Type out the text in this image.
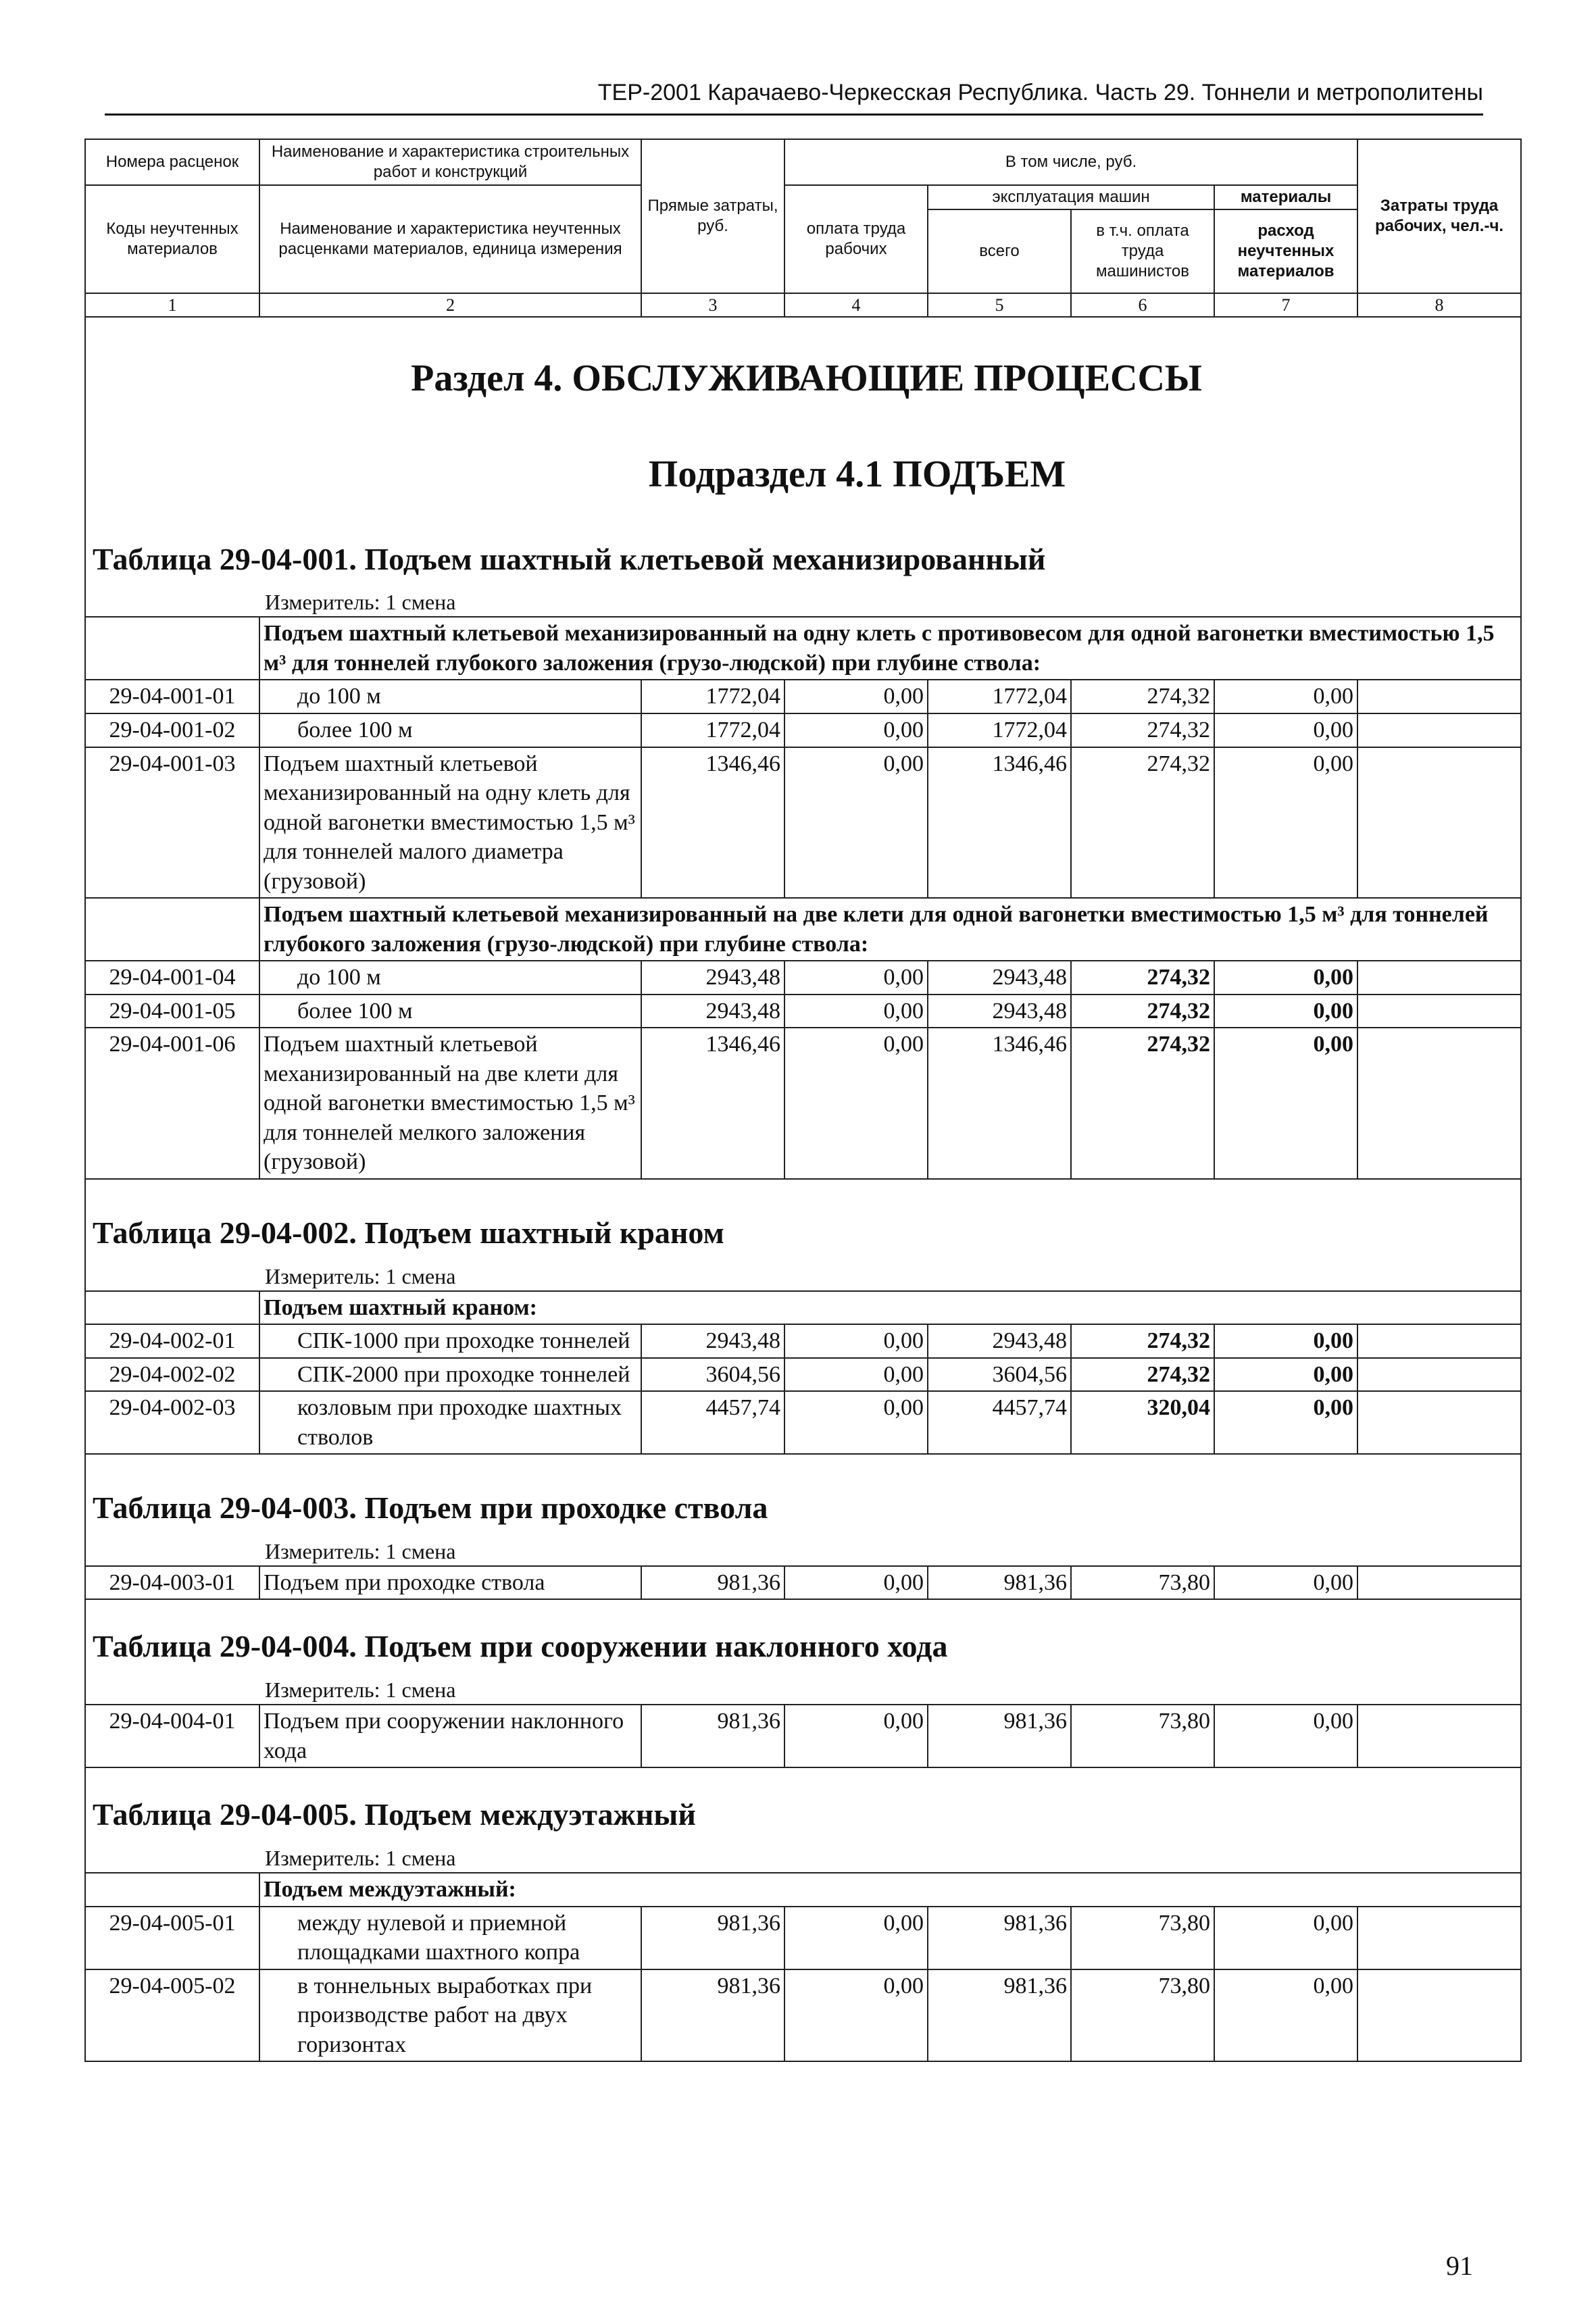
ТЕР-2001 Карачаево-Черкесская Республика. Часть 29. Тоннели и метрополитены
Номера расценок	Наименование и характеристика строительных работ и конструкций	Прямые затраты, руб.	В том числе, руб.				Затраты труда рабочих, чел.-ч.
Коды неучтенных материалов	Наименование и характеристика неучтенных расценками материалов, единица измерения		оплата труда рабочих	эксплуатация машин		материалы	
				всего	в т.ч. оплата труда машинистов	расход неучтенных материалов	
1	2	3	4	5	6	7	8

Раздел 4. ОБСЛУЖИВАЮЩИЕ ПРОЦЕССЫ
Подраздел 4.1 ПОДЪЕМ
Таблица 29-04-001. Подъем шахтный клетьевой механизированный
Измеритель: 1 смена							

	Подъем шахтный клетьевой механизированный на одну клеть с противовесом для одной вагонетки вместимостью 1,5 м³ для тоннелей глубокого заложения (грузо-людской) при глубине ствола:						
29-04-001-01	до 100 м	1772,04	0,00	1772,04	274,32	0,00	
29-04-001-02	более 100 м	1772,04	0,00	1772,04	274,32	0,00	
29-04-001-03	Подъем шахтный клетьевой механизированный на одну клеть для одной вагонетки вместимостью 1,5 м³ для тоннелей малого диаметра (грузовой)	1346,46	0,00	1346,46	274,32	0,00	
	Подъем шахтный клетьевой механизированный на две клети для одной вагонетки вместимостью 1,5 м³ для тоннелей глубокого заложения (грузо-людской) при глубине ствола:						
29-04-001-04	до 100 м	2943,48	0,00	2943,48	274,32	0,00	
29-04-001-05	более 100 м	2943,48	0,00	2943,48	274,32	0,00	
29-04-001-06	Подъем шахтный клетьевой механизированный на две клети для одной вагонетки вместимостью 1,5 м³ для тоннелей мелкого заложения (грузовой)	1346,46	0,00	1346,46	274,32	0,00	

Таблица 29-04-002. Подъем шахтный краном
Измеритель: 1 смена							

	Подъем шахтный краном:						
29-04-002-01	СПК-1000 при проходке тоннелей	2943,48	0,00	2943,48	274,32	0,00	
29-04-002-02	СПК-2000 при проходке тоннелей	3604,56	0,00	3604,56	274,32	0,00	
29-04-002-03	козловым при проходке шахтных стволов	4457,74	0,00	4457,74	320,04	0,00	

Таблица 29-04-003. Подъем при проходке ствола
Измеритель: 1 смена							

29-04-003-01	Подъем при проходке ствола	981,36	0,00	981,36	73,80	0,00	

Таблица 29-04-004. Подъем при сооружении наклонного хода
Измеритель: 1 смена							

29-04-004-01	Подъем при сооружении наклонного хода	981,36	0,00	981,36	73,80	0,00	

Таблица 29-04-005. Подъем междуэтажный
Измеритель: 1 смена							

	Подъем междуэтажный:						
29-04-005-01	между нулевой и приемной площадками шахтного копра	981,36	0,00	981,36	73,80	0,00	
29-04-005-02	в тоннельных выработках при производстве работ на двух горизонтах	981,36	0,00	981,36	73,80	0,00	
91
